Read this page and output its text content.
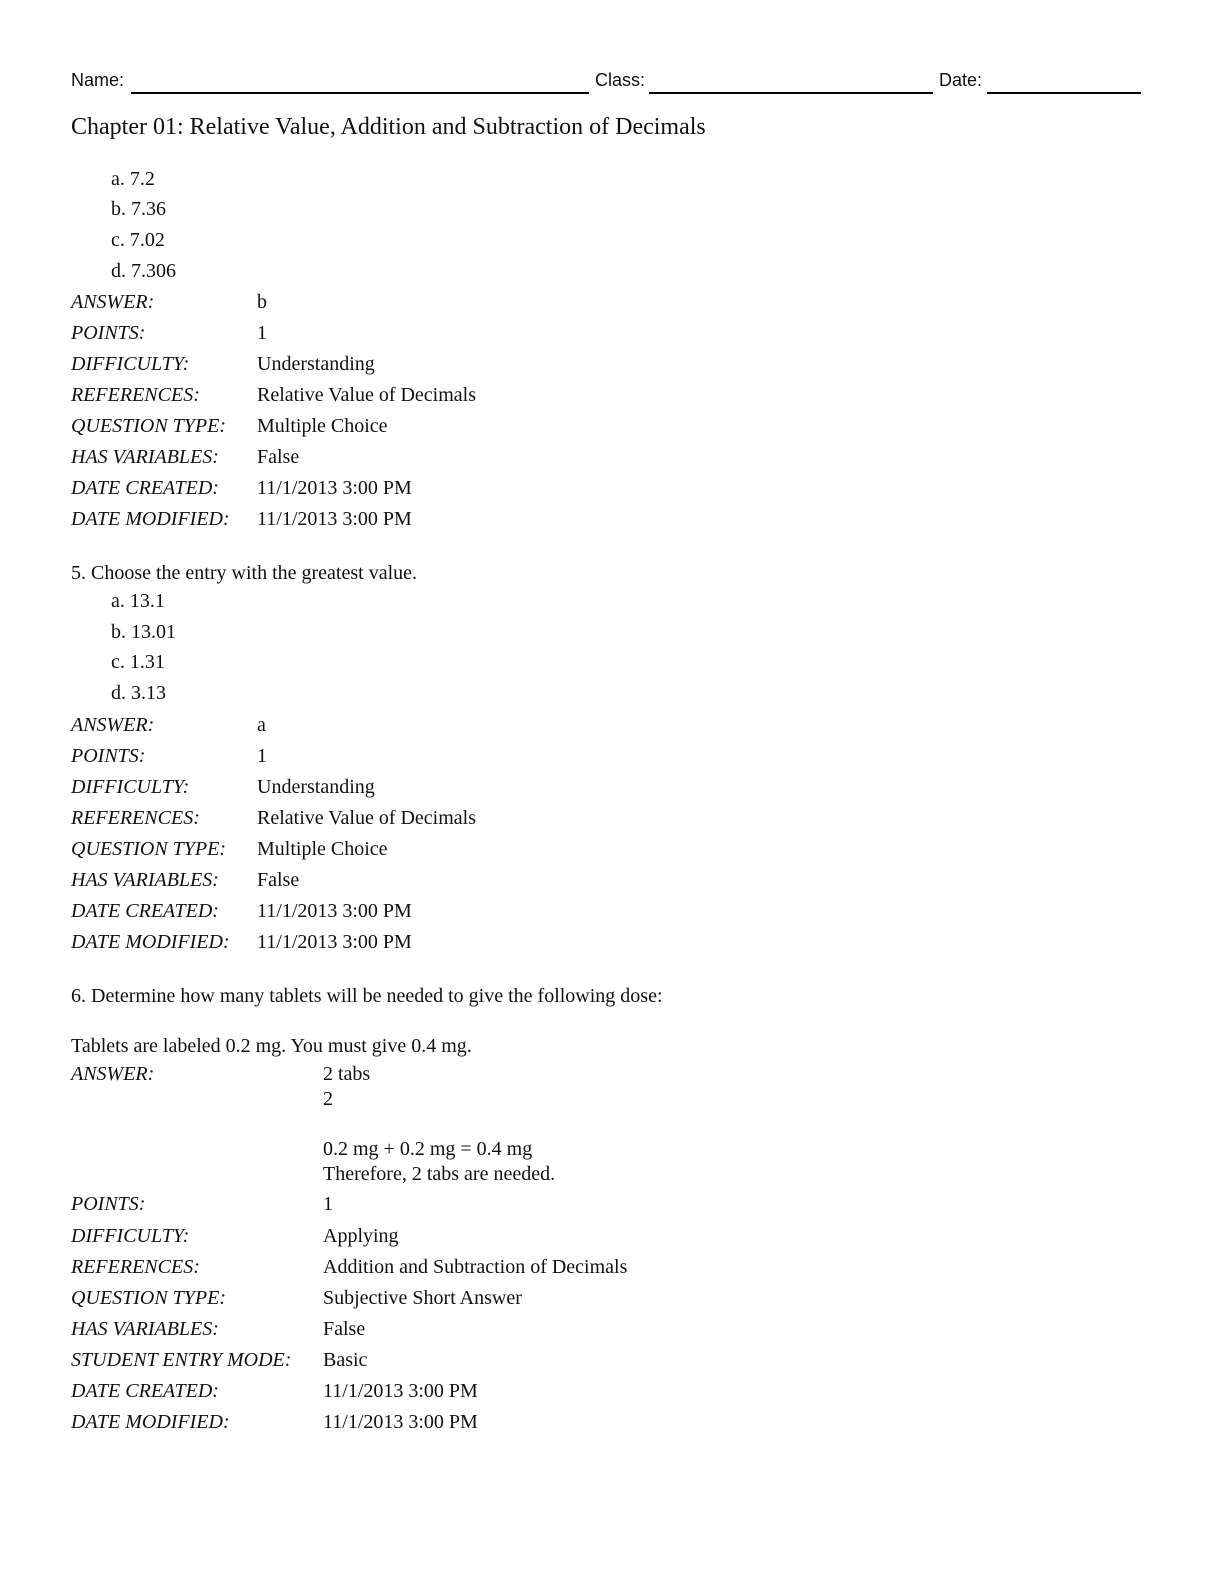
Name:	Class:	Date:
Chapter 01: Relative Value, Addition and Subtraction of Decimals
a. 7.2
b. 7.36
c. 7.02
d. 7.306
ANSWER:	b
POINTS:	1
DIFFICULTY:	Understanding
REFERENCES:	Relative Value of Decimals
QUESTION TYPE: Multiple Choice
HAS VARIABLES: False
DATE CREATED: 11/1/2013 3:00 PM
DATE MODIFIED: 11/1/2013 3:00 PM
5. Choose the entry with the greatest value.
a. 13.1
b. 13.01
c. 1.31
d. 3.13
ANSWER:	a
POINTS:	1
DIFFICULTY:	Understanding
REFERENCES:	Relative Value of Decimals
QUESTION TYPE: Multiple Choice
HAS VARIABLES: False
DATE CREATED: 11/1/2013 3:00 PM
DATE MODIFIED: 11/1/2013 3:00 PM
6. Determine how many tablets will be needed to give the following dose:
Tablets are labeled 0.2 mg. You must give 0.4 mg.
ANSWER:	2 tabs
2
0.2 mg + 0.2 mg = 0.4 mg
Therefore, 2 tabs are needed.
POINTS:	1
DIFFICULTY:	Applying
REFERENCES:	Addition and Subtraction of Decimals
QUESTION TYPE:	Subjective Short Answer
HAS VARIABLES:	False
STUDENT ENTRY MODE: Basic
DATE CREATED:	11/1/2013 3:00 PM
DATE MODIFIED:	11/1/2013 3:00 PM
